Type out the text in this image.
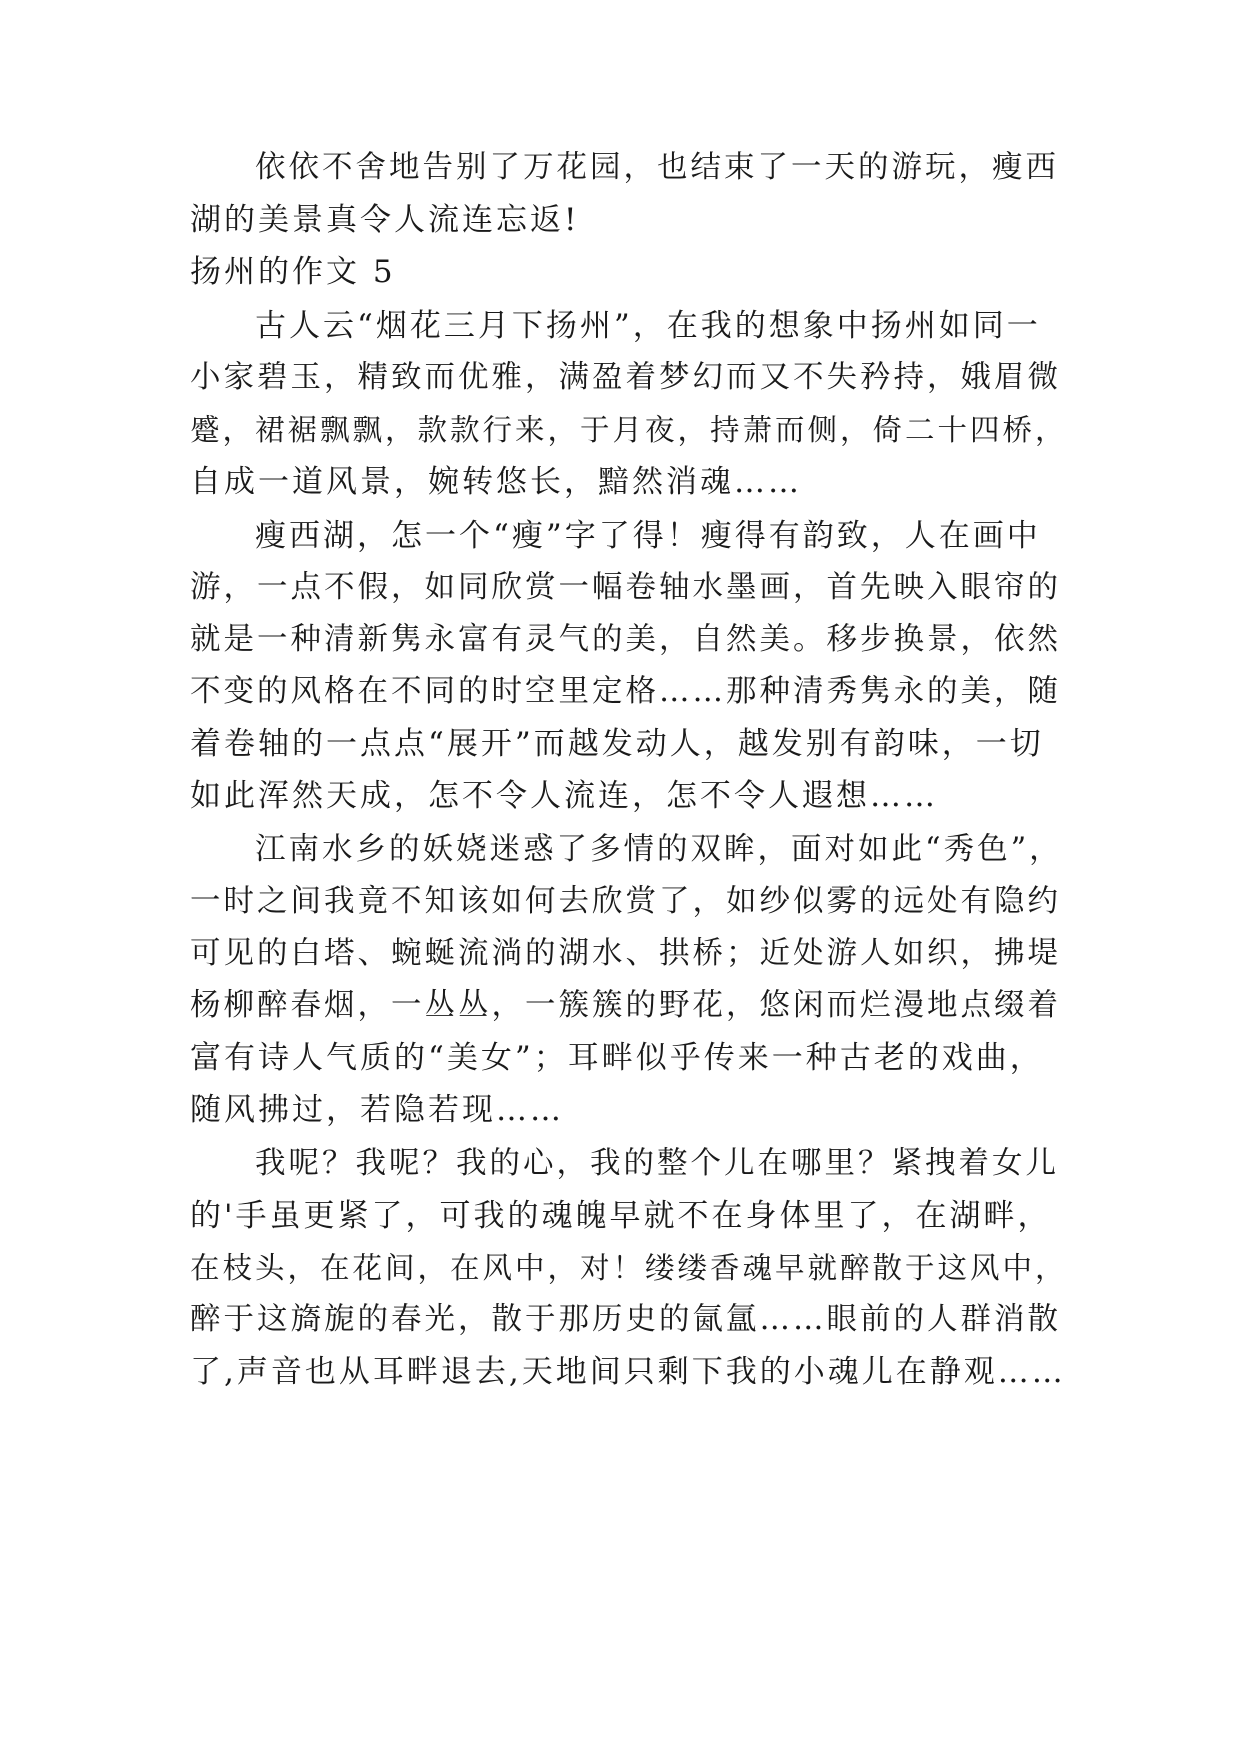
依依不舍地告别了万花园，也结束了一天的游玩，瘦西
湖的美景真令人流连忘返!
扬州的作文 5
古人云“烟花三月下扬州”，在我的想象中扬州如同一
小家碧玉，精致而优雅，满盈着梦幻而又不失矜持，娥眉微
蹙，裙裾飘飘，款款行来，于月夜，持萧而侧，倚二十四桥，
自成一道风景，婉转悠长，黯然消魂……
瘦西湖，怎一个“瘦”字了得！瘦得有韵致，人在画中
游，一点不假，如同欣赏一幅卷轴水墨画，首先映入眼帘的
就是一种清新隽永富有灵气的美，自然美。移步换景，依然
不变的风格在不同的时空里定格……那种清秀隽永的美，随
着卷轴的一点点“展开”而越发动人，越发别有韵味，一切
如此浑然天成，怎不令人流连，怎不令人遐想……
江南水乡的妖娆迷惑了多情的双眸，面对如此“秀色”，
一时之间我竟不知该如何去欣赏了，如纱似雾的远处有隐约
可见的白塔、蜿蜒流淌的湖水、拱桥；近处游人如织，拂堤
杨柳醉春烟，一丛丛，一簇簇的野花，悠闲而烂漫地点缀着
富有诗人气质的“美女”；耳畔似乎传来一种古老的戏曲，
随风拂过，若隐若现……
我呢？我呢？我的心，我的整个儿在哪里？紧拽着女儿
的'手虽更紧了，可我的魂魄早就不在身体里了，在湖畔，
在枝头，在花间，在风中，对！缕缕香魂早就醉散于这风中，
醉于这旖旎的春光，散于那历史的氤氲……眼前的人群消散
了,声音也从耳畔退去,天地间只剩下我的小魂儿在静观……
